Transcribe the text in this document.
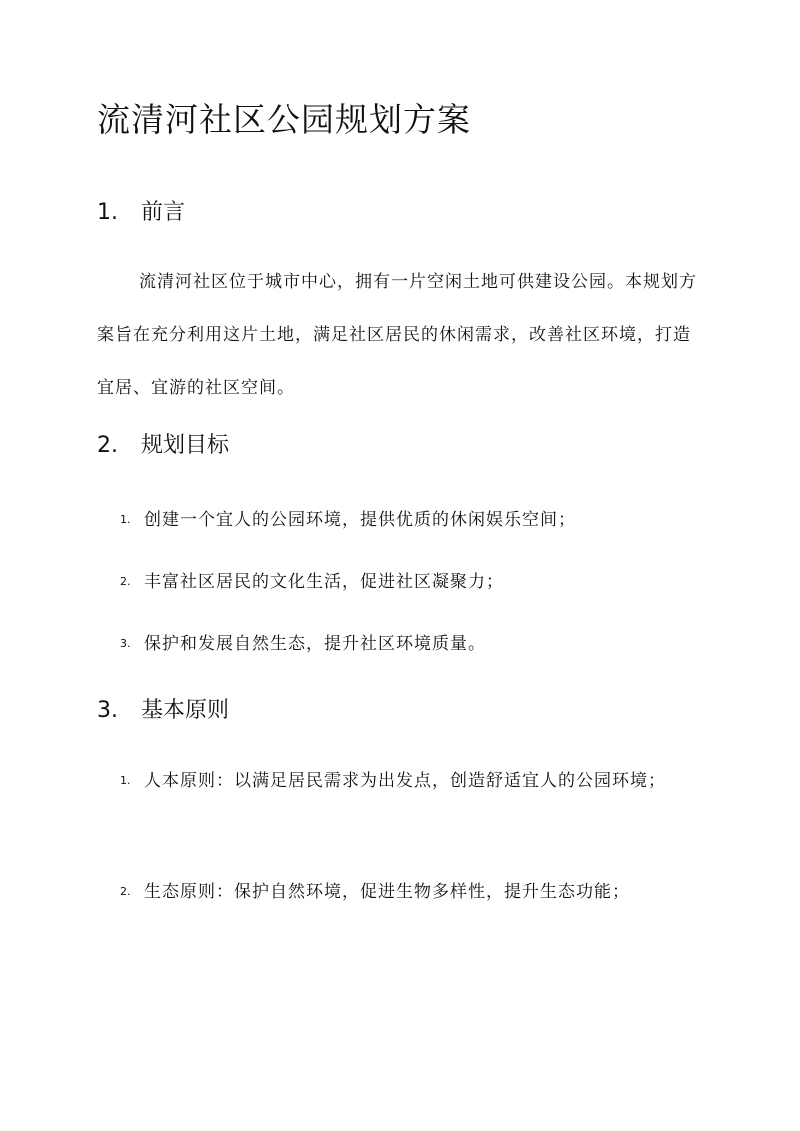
流清河社区公园规划方案
1. 前言

流清河社区位于城市中心，拥有一片空闲土地可供建设公园。本规划方案旨在充分利用这片土地，满足社区居民的休闲需求，改善社区环境，打造宜居、宜游的社区空间。

2. 规划目标
1. 创建一个宜人的公园环境，提供优质的休闲娱乐空间；
2. 丰富社区居民的文化生活，促进社区凝聚力；
3. 保护和发展自然生态，提升社区环境质量。
3. 基本原则
1. 人本原则：以满足居民需求为出发点，创造舒适宜人的公园环境；
2. 生态原则：保护自然环境，促进生物多样性，提升生态功能；
